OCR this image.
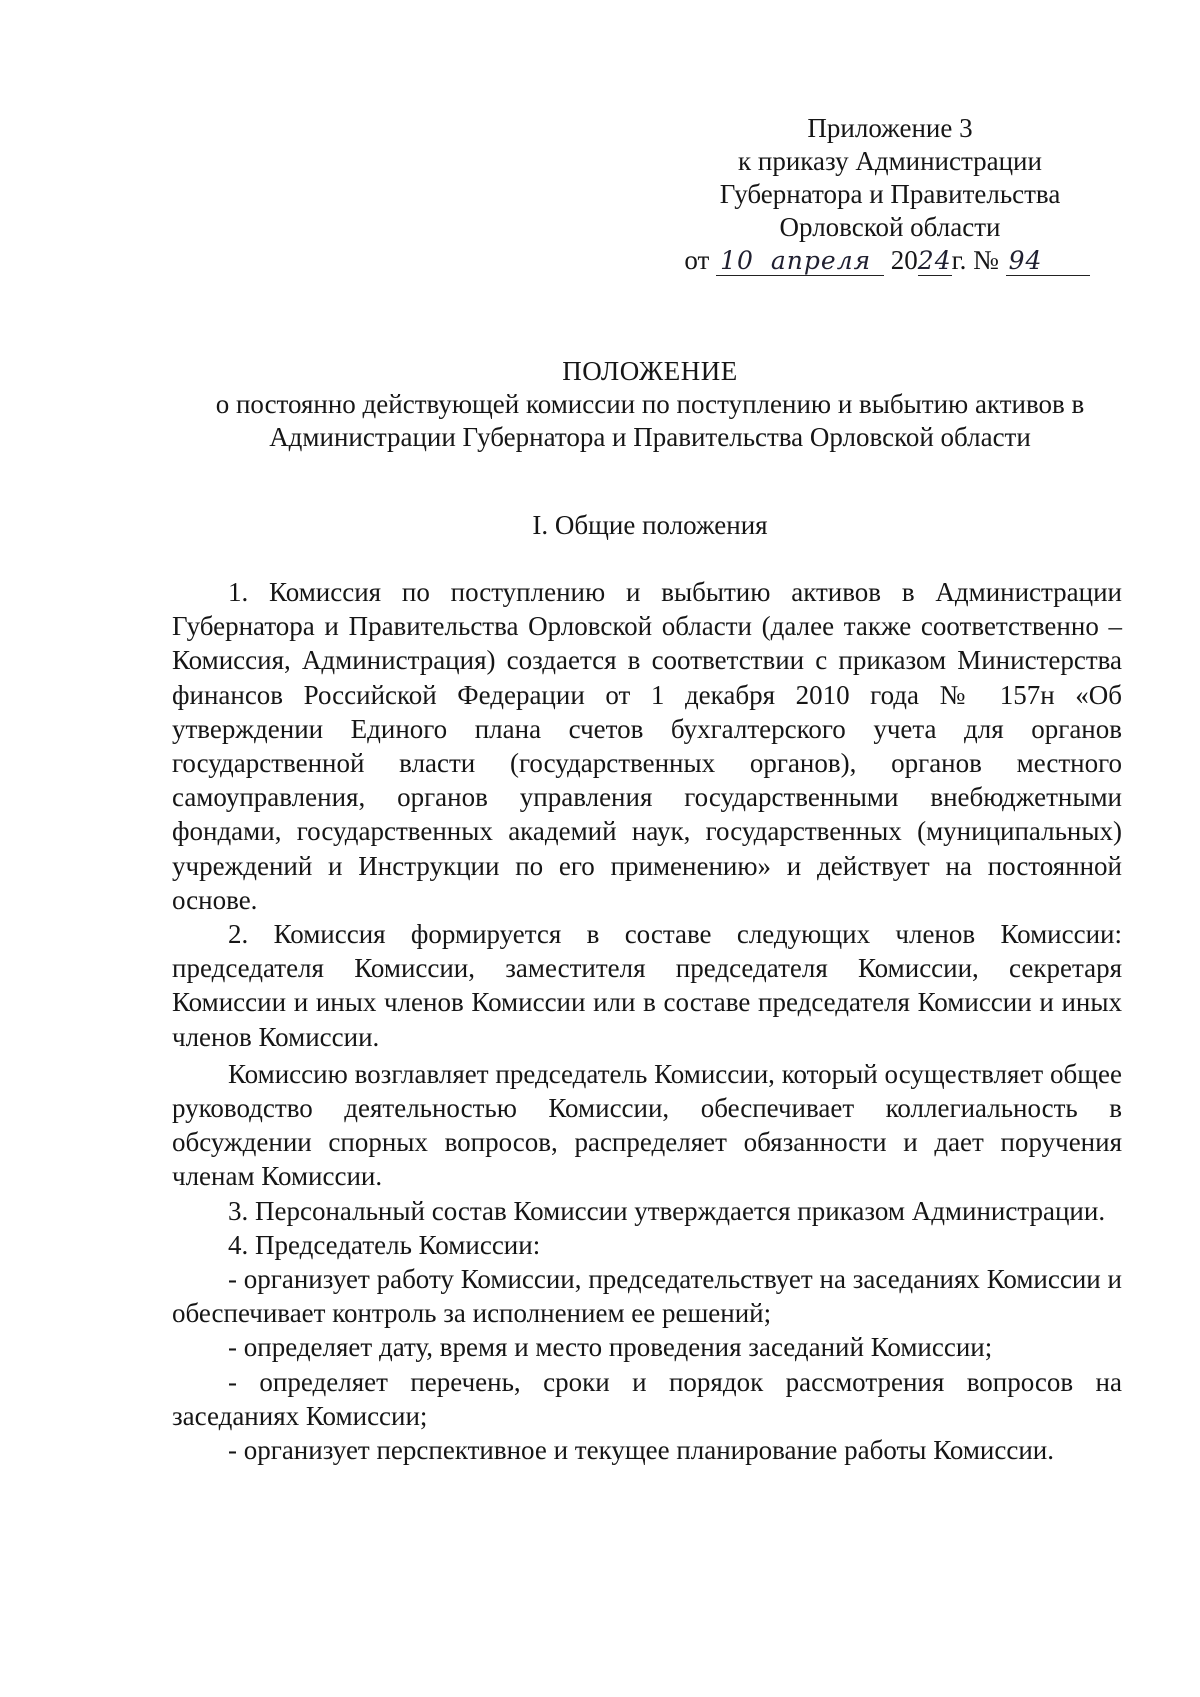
Приложение 3
к приказу Администрации
Губернатора и Правительства
Орловской области
от 10 апреля 2024г. № 94
ПОЛОЖЕНИЕ
о постоянно действующей комиссии по поступлению и выбытию активов в
Администрации Губернатора и Правительства Орловской области
I. Общие положения

1. Комиссия по поступлению и выбытию активов в Администрации Губернатора и Правительства Орловской области (далее также соответственно – Комиссия, Администрация) создается в соответствии с приказом Министерства финансов Российской Федерации от 1 декабря 2010 года № 157н «Об утверждении Единого плана счетов бухгалтерского учета для органов государственной власти (государственных органов), органов местного самоуправления, органов управления государственными внебюджетными фондами, государственных академий наук, государственных (муниципальных) учреждений и Инструкции по его применению» и действует на постоянной основе.

2. Комиссия формируется в составе следующих членов Комиссии: председателя Комиссии, заместителя председателя Комиссии, секретаря Комиссии и иных членов Комиссии или в составе председателя Комиссии и иных членов Комиссии.

Комиссию возглавляет председатель Комиссии, который осуществляет общее руководство деятельностью Комиссии, обеспечивает коллегиальность в обсуждении спорных вопросов, распределяет обязанности и дает поручения членам Комиссии.

3. Персональный состав Комиссии утверждается приказом Администрации.

4. Председатель Комиссии:

- организует работу Комиссии, председательствует на заседаниях Комиссии и обеспечивает контроль за исполнением ее решений;

- определяет дату, время и место проведения заседаний Комиссии;

- определяет перечень, сроки и порядок рассмотрения вопросов на заседаниях Комиссии;

- организует перспективное и текущее планирование работы Комиссии.
